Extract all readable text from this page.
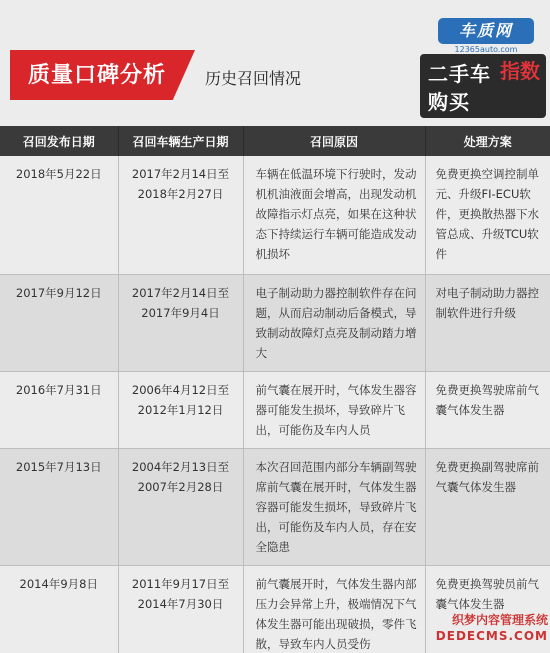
质量口碑分析 历史召回情况
车质网
12365auto.com
二手车
购买
指数
召回发布日期	召回车辆生产日期	召回原因	处理方案
2018年5月22日	2017年2月14日至2018年2月27日	车辆在低温环境下行驶时，发动机机油液面会增高，出现发动机故障指示灯点亮，如果在这种状态下持续运行车辆可能造成发动机损坏	免费更换空调控制单元、升级FI-ECU软件，更换散热器下水管总成、升级TCU软件
2017年9月12日	2017年2月14日至2017年9月4日	电子制动助力器控制软件存在问题，从而启动制动后备模式，导致制动故障灯点亮及制动踏力增大	对电子制动助力器控制软件进行升级
2016年7月31日	2006年4月12日至2012年1月12日	前气囊在展开时，气体发生器容器可能发生损坏，导致碎片飞出，可能伤及车内人员	免费更换驾驶席前气囊气体发生器
2015年7月13日	2004年2月13日至2007年2月28日	本次召回范围内部分车辆副驾驶席前气囊在展开时，气体发生器容器可能发生损坏，导致碎片飞出，可能伤及车内人员，存在安全隐患	免费更换副驾驶席前气囊气体发生器
2014年9月8日	2011年9月17日至2014年7月30日	前气囊展开时，气体发生器内部压力会异常上升，极端情况下气体发生器可能出现破损，零件飞散，导致车内人员受伤	免费更换驾驶员前气囊气体发生器
织梦内容管理系统
DEDECMS.COM
